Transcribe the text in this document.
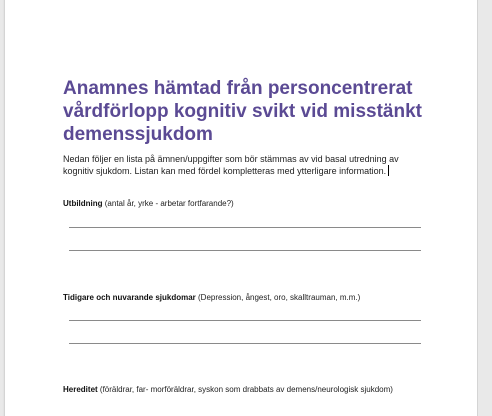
Anamnes hämtad från personcentrerat
vårdförlopp kognitiv svikt vid misstänkt
demenssjukdom

Nedan följer en lista på ämnen/uppgifter som bör stämmas av vid basal utredning av
kognitiv sjukdom. Listan kan med fördel kompletteras med ytterligare information.

Utbildning (antal år, yrke - arbetar fortfarande?)

Tidigare och nuvarande sjukdomar (Depression, ångest, oro, skalltrauman, m.m.)

Hereditet (föräldrar, far- morföräldrar, syskon som drabbats av demens/neurologisk sjukdom)
